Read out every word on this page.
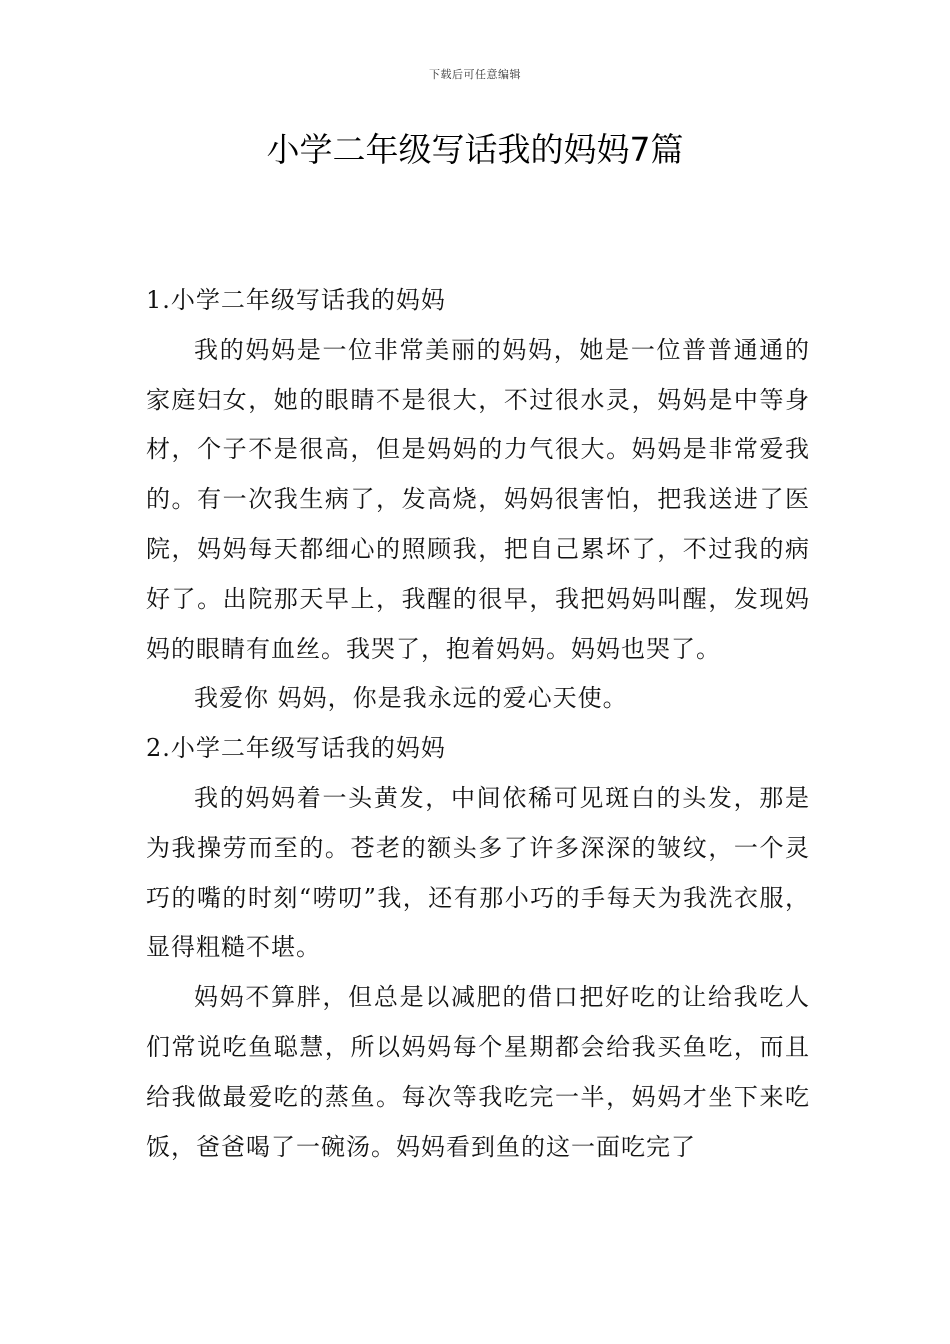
下载后可任意编辑
小学二年级写话我的妈妈7篇

1.小学二年级写话我的妈妈

我的妈妈是一位非常美丽的妈妈，她是一位普普通通的家庭妇女，她的眼睛不是很大，不过很水灵，妈妈是中等身材，个子不是很高，但是妈妈的力气很大。妈妈是非常爱我的。有一次我生病了，发高烧，妈妈很害怕，把我送进了医院，妈妈每天都细心的照顾我，把自己累坏了，不过我的病好了。出院那天早上，我醒的很早，我把妈妈叫醒，发现妈妈的眼睛有血丝。我哭了，抱着妈妈。妈妈也哭了。

我爱你 妈妈，你是我永远的爱心天使。

2.小学二年级写话我的妈妈

我的妈妈着一头黄发，中间依稀可见斑白的头发，那是为我操劳而至的。苍老的额头多了许多深深的皱纹，一个灵巧的嘴的时刻“唠叨”我，还有那小巧的手每天为我洗衣服，显得粗糙不堪。

妈妈不算胖，但总是以减肥的借口把好吃的让给我吃人们常说吃鱼聪慧，所以妈妈每个星期都会给我买鱼吃，而且给我做最爱吃的蒸鱼。每次等我吃完一半，妈妈才坐下来吃饭，爸爸喝了一碗汤。妈妈看到鱼的这一面吃完了
